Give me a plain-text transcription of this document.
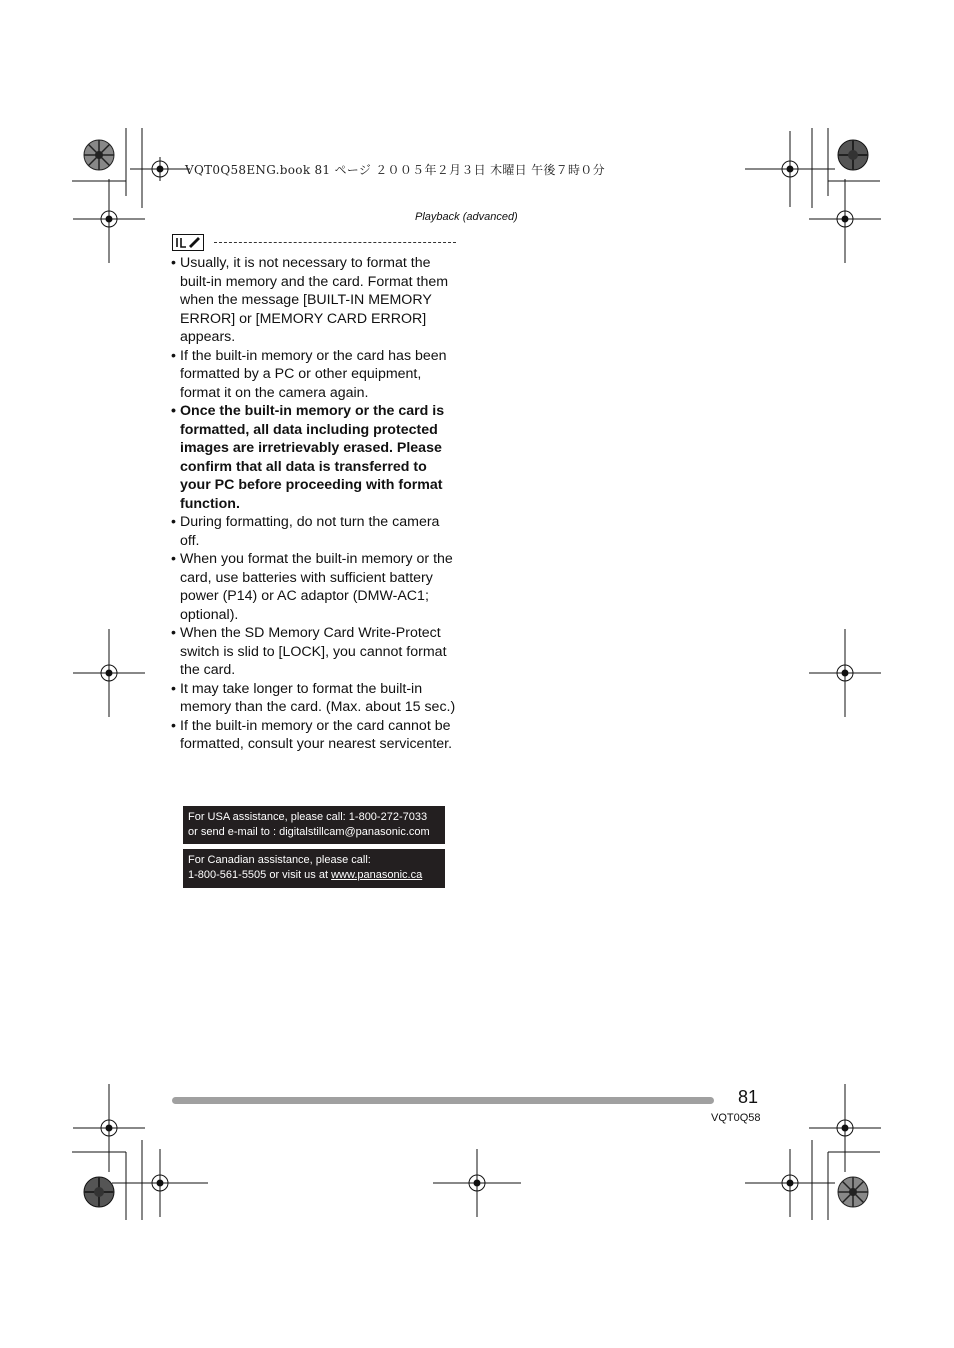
VQT0Q58ENG.book 81 ページ ２００５年２月３日 木曜日 午後７時０分
Playback (advanced)
• Usually, it is not necessary to format the built-in memory and the card. Format them when the message [BUILT-IN MEMORY ERROR] or [MEMORY CARD ERROR] appears.
• If the built-in memory or the card has been formatted by a PC or other equipment, format it on the camera again.
• Once the built-in memory or the card is formatted, all data including protected images are irretrievably erased. Please confirm that all data is transferred to your PC before proceeding with format function.
• During formatting, do not turn the camera off.
• When you format the built-in memory or the card, use batteries with sufficient battery power (P14) or AC adaptor (DMW-AC1; optional).
• When the SD Memory Card Write-Protect switch is slid to [LOCK], you cannot format the card.
• It may take longer to format the built-in memory than the card. (Max. about 15 sec.)
• If the built-in memory or the card cannot be formatted, consult your nearest servicenter.
For USA assistance, please call: 1-800-272-7033
or send e-mail to : digitalstillcam@panasonic.com
For Canadian assistance, please call:
1-800-561-5505 or visit us at www.panasonic.ca
81
VQT0Q58
